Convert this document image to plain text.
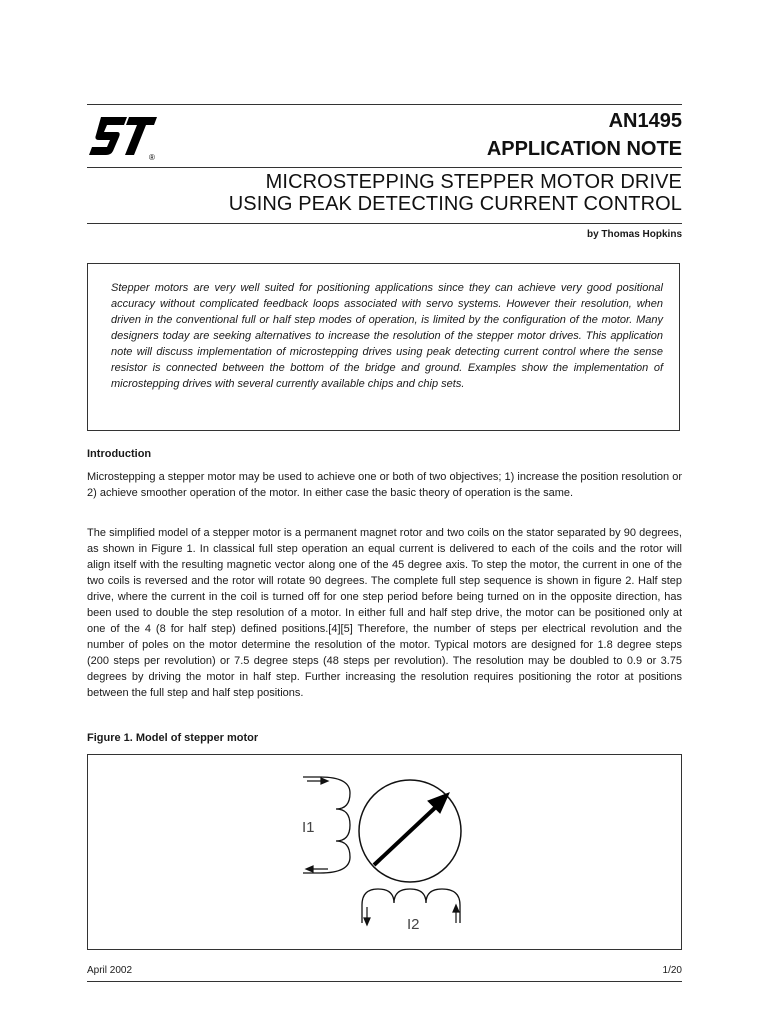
®
AN1495
APPLICATION NOTE
MICROSTEPPING STEPPER MOTOR DRIVE
USING PEAK DETECTING CURRENT CONTROL
by Thomas Hopkins
Stepper motors are very well suited for positioning applications since they can achieve very good positional accuracy without complicated feedback loops associated with servo systems. However their resolution, when driven in the conventional full or half step modes of operation, is limited by the configuration of the motor. Many designers today are seeking alternatives to increase the resolution of the stepper motor drives. This application note will discuss implementation of microstepping drives using peak detecting current control where the sense resistor is connected between the bottom of the bridge and ground. Examples show the implementation of microstepping drives with several currently available chips and chip sets.
Introduction
Microstepping a stepper motor may be used to achieve one or both of two objectives; 1) increase the position resolution or 2) achieve smoother operation of the motor. In either case the basic theory of operation is the same.
The simplified model of a stepper motor is a permanent magnet rotor and two coils on the stator separated by 90 degrees, as shown in Figure 1. In classical full step operation an equal current is delivered to each of the coils and the rotor will align itself with the resulting magnetic vector along one of the 45 degree axis. To step the motor, the current in one of the two coils is reversed and the rotor will rotate 90 degrees. The complete full step sequence is shown in figure 2. Half step drive, where the current in the coil is turned off for one step period before being turned on in the opposite direction, has been used to double the step resolution of a motor. In either full and half step drive, the motor can be positioned only at one of the 4 (8 for half step) defined positions.[4][5] Therefore, the number of steps per electrical revolution and the number of poles on the motor determine the resolution of the motor. Typical motors are designed for 1.8 degree steps (200 steps per revolution) or 7.5 degree steps (48 steps per revolution). The resolution may be doubled to 0.9 or 3.75 degrees by driving the motor in half step. Further increasing the resolution requires positioning the rotor at positions between the full step and half step positions.
Figure 1. Model of stepper motor
I1
I2
April 2002	1/20
